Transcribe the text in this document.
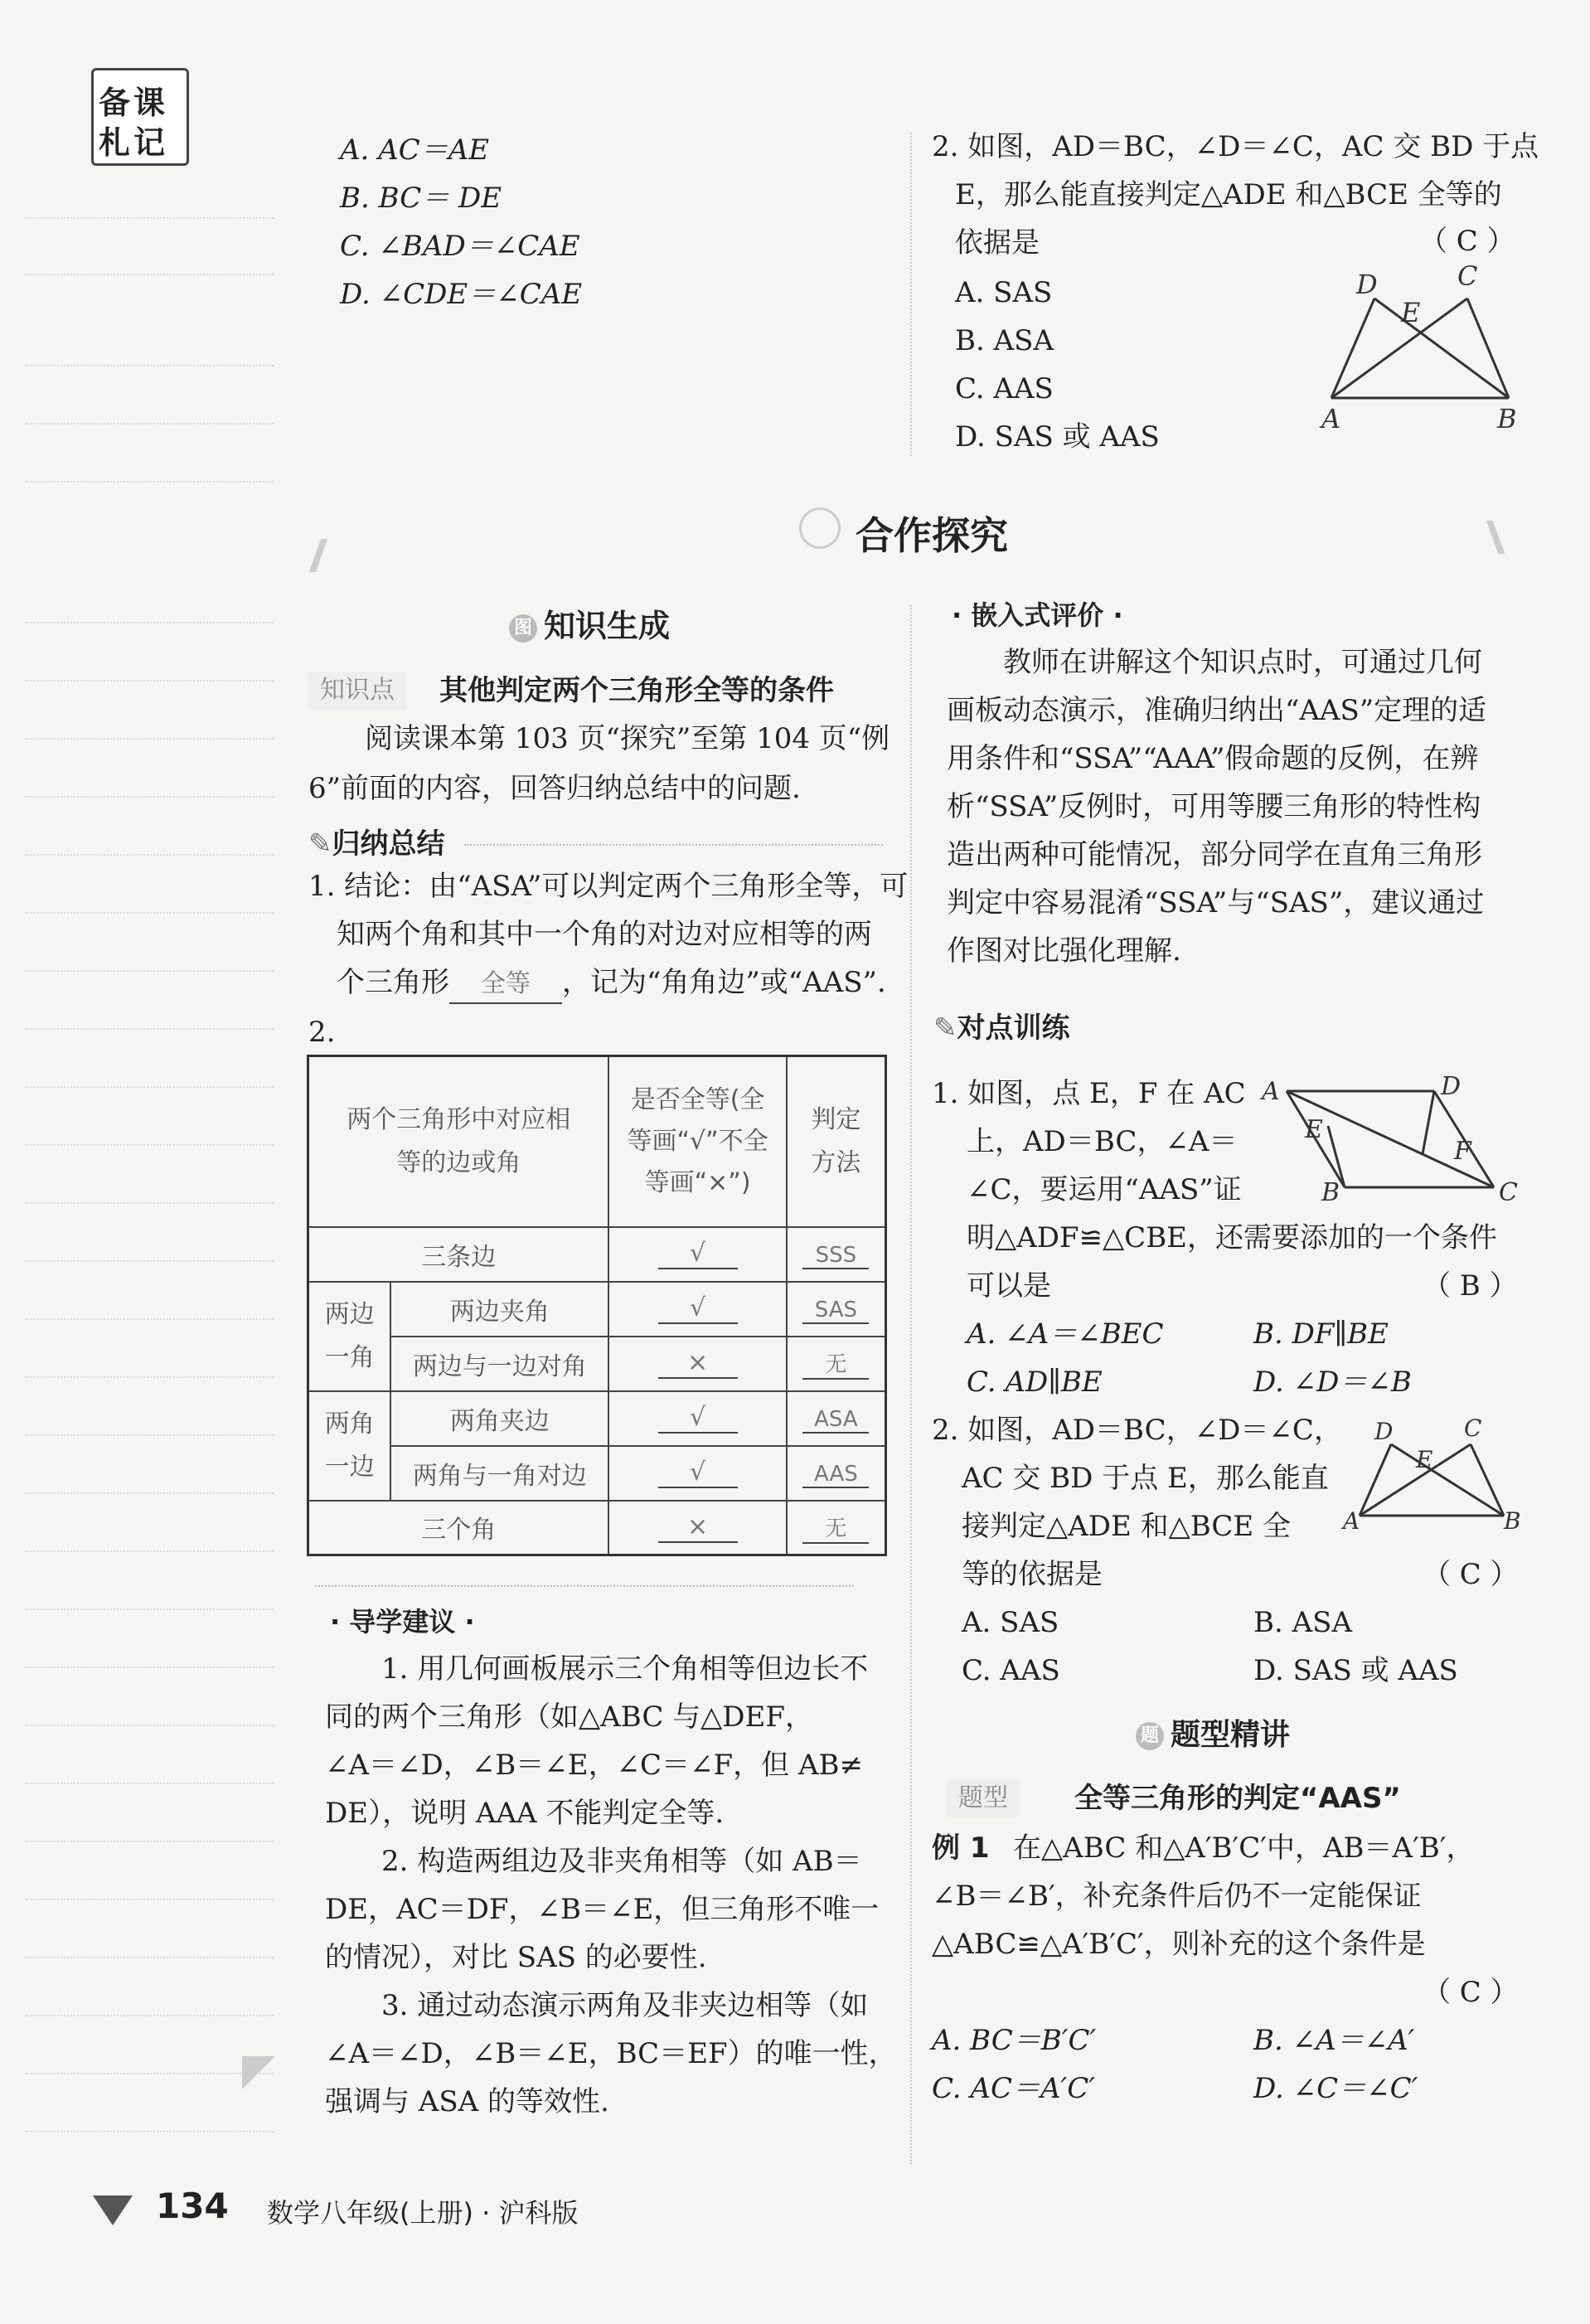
备课
札记	A. AC＝AE
B. BC＝ DE
C. ∠BAD＝∠CAE
D. ∠CDE＝∠CAE
2. 如图，AD＝BC，∠D＝∠C，AC 交 BD 于点
E，那么能直接判定△ADE 和△BCE 全等的
依据是	（ C ）
A. SAS
B. ASA
C. AAS
D. SAS 或 AAS
D	C
E
A	B
合作探究
图 知识生成
知识点	其他判定两个三角形全等的条件
阅读课本第 103 页“探究”至第 104 页“例
6”前面的内容，回答归纳总结中的问题.
✎归纳总结
1. 结论：由“ASA”可以判定两个三角形全等，可
知两个角和其中一个角的对边对应相等的两
个三角形 全等 ，记为“角角边”或“AAS”.
2.
两个三角形中对应相等的边或角		是否全等(全等画“√”不全等画“×”)	判定方法
三条边		√	SSS
两边一角	两边夹角	√	SAS
	两边与一边对角	×	无
两角一边	两角夹边	√	ASA
	两角与一角对边	√	AAS
三个角		×	无
· 导学建议 ·
1. 用几何画板展示三个角相等但边长不
同的两个三角形（如△ABC 与△DEF，
∠A＝∠D，∠B＝∠E，∠C＝∠F，但 AB≠
DE），说明 AAA 不能判定全等.
2. 构造两组边及非夹角相等（如 AB＝
DE，AC＝DF，∠B＝∠E，但三角形不唯一
的情况），对比 SAS 的必要性.
3. 通过动态演示两角及非夹边相等（如
∠A＝∠D，∠B＝∠E，BC＝EF）的唯一性，
强调与 ASA 的等效性.
· 嵌入式评价 ·
教师在讲解这个知识点时，可通过几何
画板动态演示，准确归纳出“AAS”定理的适
用条件和“SSA”“AAA”假命题的反例，在辨
析“SSA”反例时，可用等腰三角形的特性构
造出两种可能情况，部分同学在直角三角形
判定中容易混淆“SSA”与“SAS”，建议通过
作图对比强化理解.
✎对点训练
1. 如图，点 E，F 在 AC
上，AD＝BC，∠A＝
∠C，要运用“AAS”证
明△ADF≌△CBE，还需要添加的一个条件
可以是	（ B ）
A	D
E
F
B	C
A. ∠A＝∠BEC	B. DF∥BE
C. AD∥BE	D. ∠D＝∠B
2. 如图，AD＝BC，∠D＝∠C，
AC 交 BD 于点 E，那么能直
接判定△ADE 和△BCE 全
等的依据是	（ C ）
D	C
E
A	B
A. SAS	B. ASA
C. AAS	D. SAS 或 AAS
题 题型精讲
题型	全等三角形的判定“AAS”
例 1 在△ABC 和△A′B′C′中，AB＝A′B′，
∠B＝∠B′，补充条件后仍不一定能保证
△ABC≌△A′B′C′，则补充的这个条件是
（ C ）
A. BC＝B′C′	B. ∠A＝∠A′
C. AC＝A′C′	D. ∠C＝∠C′
134 数学八年级(上册) · 沪科版
